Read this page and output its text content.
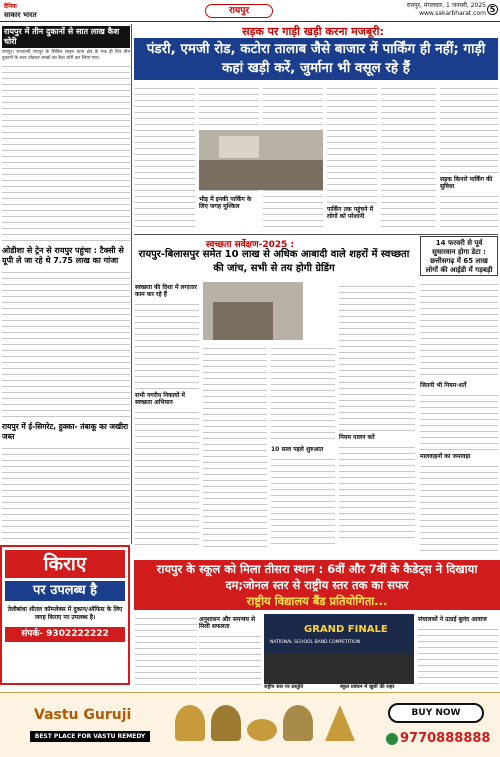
दैनिक
साकार भारत	रायपुर
रायपुर, मंगलवार, 1 जनवरी, 2025
www.sakarbharat.com 5
रायपुर में तीन दुकानों से सात लाख कैश चोरी
रायपुर। राजधानी रायपुर के सिविल लाइन थाना क्षेत्र के एक ही दिन तीन दुकानों के शटर तोड़कर लाखों का कैश चोरी कर लिया गया।
ओडीशा से ट्रेन से रायपुर पहुंचा : टैक्सी से यूपी ले जा रहे थे 7.75 लाख का गांजा
रायपुर में ई-सिगरेट, हुक्का- तंबाकू का जखीरा जब्त
सड़क पर गाड़ी खड़ी करना मजबूरी:
पंडरी, एमजी रोड, कटोरा तालाब जैसे बाजार में पार्किंग ही नहीं; गाड़ी कहां खड़ी करें, जुर्माना भी वसूल रहे हैं
भीड़ में इनकी पार्किंग के लिए जगह मुश्किल	पार्किंग तक पहुंचने में लोगों को परेशानी
सड़क किनारे पार्किंग की सुविधा
स्वच्छता सर्वेक्षण-2025 :
रायपुर-बिलासपुर समेत 10 लाख से अधिक आबादी वाले शहरों में स्वच्छता की जांच, सभी से तय होगी ग्रेडिंग
14 फरवरी से पूर्व सुधारवान होगा डेटा : छत्तीसगढ़ में 65 लाख लोगों की आईडी में गड़बड़ी
स्वच्छता की दिशा में लगातार काम कर रहे हैं
सभी नगरीय निकायों में स्वच्छता अभियान
10 साल पहले शुरुआत
नियम पालन करें
जितनी भी नियम-शर्तें
मालवाहनों का जमावड़ा
रायपुर के स्कूल को मिला तीसरा स्थान : 6वीं और 7वीं के कैडेट्स ने दिखाया दम;जोनल स्तर से राष्ट्रीय स्तर तक का सफर
राष्ट्रीय विद्यालय बैंड प्रतियोगिता...
अनुशासन और समन्वय से मिली सफलता	GRAND FINALE
NATIONAL SCHOOL BAND COMPETITION
संचालकों ने उठाई बुलंद आवाज
राष्ट्रीय स्तर पर प्रस्तुति	स्कूल प्रबंधन में खुशी की लहर
किराए
पर उपलब्ध है
तेलीबांधा शीतल कॉम्प्लेक्स में दुकान/ऑफिस के लिए जगह किराए पर उपलब्ध है।
संपर्क- 9302222222
Vastu Guruji
BEST PLACE FOR VASTU REMEDY
BUY NOW
9770888888
